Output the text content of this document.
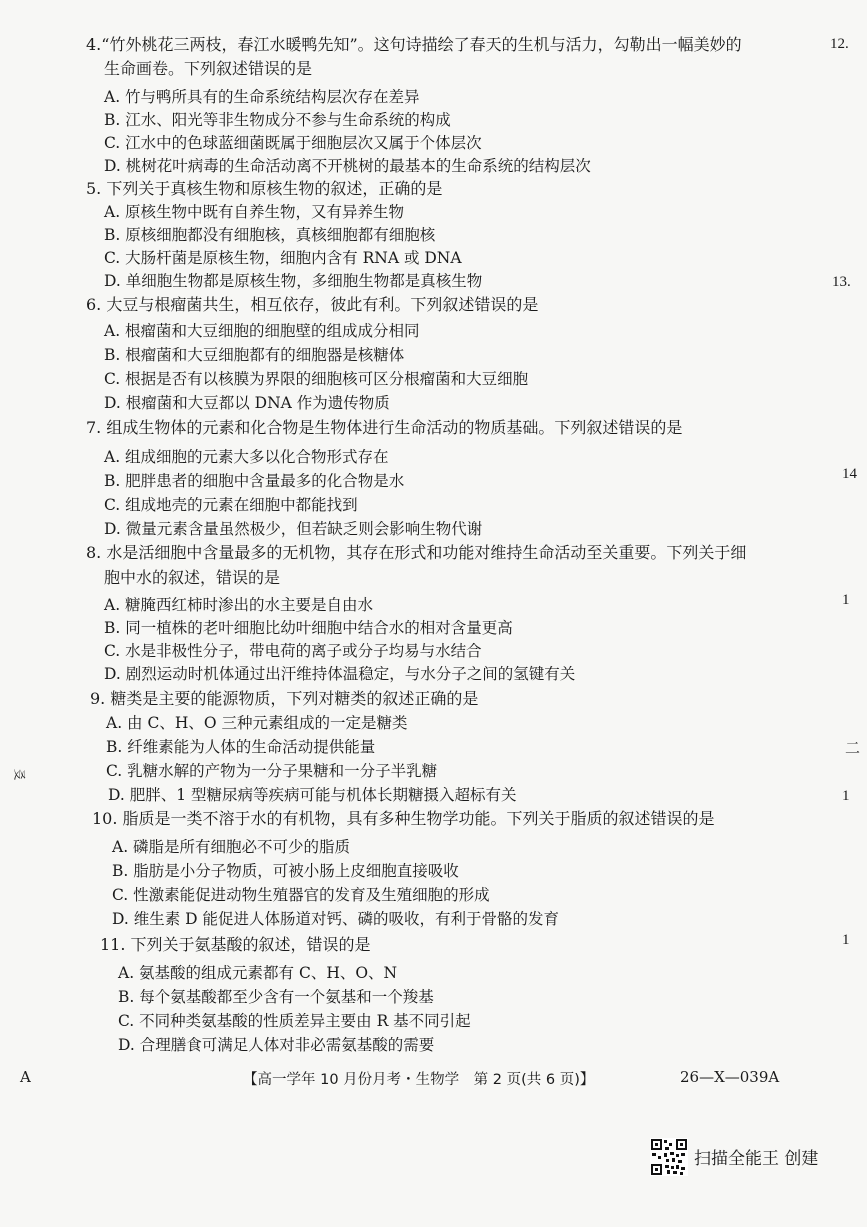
4.“竹外桃花三两枝，春江水暖鸭先知”。这句诗描绘了春天的生机与活力，勾勒出一幅美妙的
生命画卷。下列叙述错误的是
A. 竹与鸭所具有的生命系统结构层次存在差异
B. 江水、阳光等非生物成分不参与生命系统的构成
C. 江水中的色球蓝细菌既属于细胞层次又属于个体层次
D. 桃树花叶病毒的生命活动离不开桃树的最基本的生命系统的结构层次
5. 下列关于真核生物和原核生物的叙述，正确的是
A. 原核生物中既有自养生物，又有异养生物
B. 原核细胞都没有细胞核，真核细胞都有细胞核
C. 大肠杆菌是原核生物，细胞内含有 RNA 或 DNA
D. 单细胞生物都是原核生物，多细胞生物都是真核生物
6. 大豆与根瘤菌共生，相互依存，彼此有利。下列叙述错误的是
A. 根瘤菌和大豆细胞的细胞壁的组成成分相同
B. 根瘤菌和大豆细胞都有的细胞器是核糖体
C. 根据是否有以核膜为界限的细胞核可区分根瘤菌和大豆细胞
D. 根瘤菌和大豆都以 DNA 作为遗传物质
7. 组成生物体的元素和化合物是生物体进行生命活动的物质基础。下列叙述错误的是
A. 组成细胞的元素大多以化合物形式存在
B. 肥胖患者的细胞中含量最多的化合物是水
C. 组成地壳的元素在细胞中都能找到
D. 微量元素含量虽然极少，但若缺乏则会影响生物代谢
8. 水是活细胞中含量最多的无机物，其存在形式和功能对维持生命活动至关重要。下列关于细
胞中水的叙述，错误的是
A. 糖腌西红柿时渗出的水主要是自由水
B. 同一植株的老叶细胞比幼叶细胞中结合水的相对含量更高
C. 水是非极性分子，带电荷的离子或分子均易与水结合
D. 剧烈运动时机体通过出汗维持体温稳定，与水分子之间的氢键有关
9. 糖类是主要的能源物质，下列对糖类的叙述正确的是
A. 由 C、H、O 三种元素组成的一定是糖类
B. 纤维素能为人体的生命活动提供能量
C. 乳糖水解的产物为一分子果糖和一分子半乳糖
D. 肥胖、1 型糖尿病等疾病可能与机体长期糖摄入超标有关
10. 脂质是一类不溶于水的有机物，具有多种生物学功能。下列关于脂质的叙述错误的是
A. 磷脂是所有细胞必不可少的脂质
B. 脂肪是小分子物质，可被小肠上皮细胞直接吸收
C. 性激素能促进动物生殖器官的发育及生殖细胞的形成
D. 维生素 D 能促进人体肠道对钙、磷的吸收，有利于骨骼的发育
11. 下列关于氨基酸的叙述，错误的是
A. 氨基酸的组成元素都有 C、H、O、N
B. 每个氨基酸都至少含有一个氨基和一个羧基
C. 不同种类氨基酸的性质差异主要由 R 基不同引起
D. 合理膳食可满足人体对非必需氨基酸的需要
12.
13.
14
1
二
1
1
㕛
A	【高一学年 10 月份月考・生物学　第 2 页(共 6 页)】	26—X—039A
扫描全能王 创建
